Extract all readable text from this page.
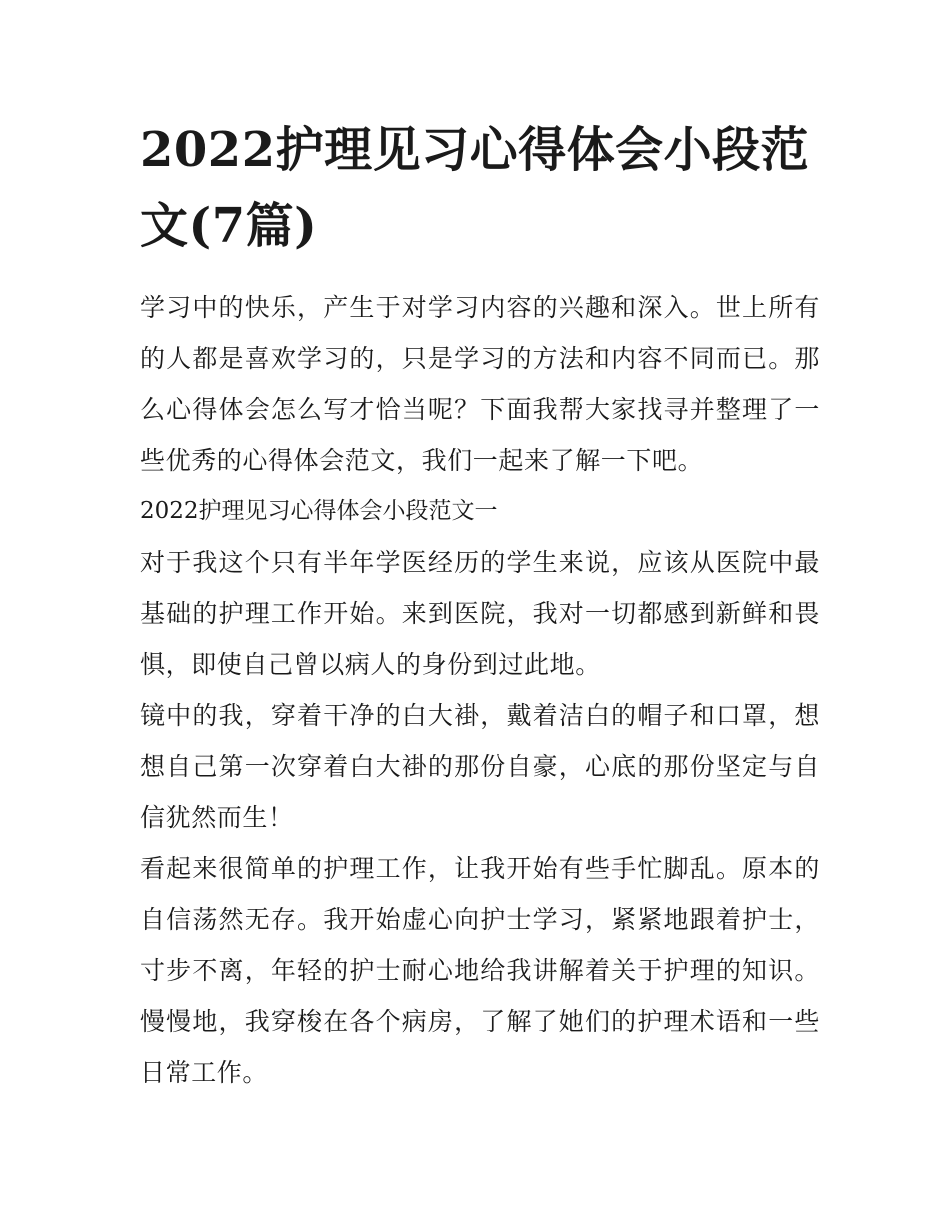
2022护理见习心得体会小段范文(7篇)

学习中的快乐，产生于对学习内容的兴趣和深入。世上所有的人都是喜欢学习的，只是学习的方法和内容不同而已。那么心得体会怎么写才恰当呢？下面我帮大家找寻并整理了一些优秀的心得体会范文，我们一起来了解一下吧。

2022护理见习心得体会小段范文一

对于我这个只有半年学医经历的学生来说，应该从医院中最基础的护理工作开始。来到医院，我对一切都感到新鲜和畏惧，即使自己曾以病人的身份到过此地。

镜中的我，穿着干净的白大褂，戴着洁白的帽子和口罩，想想自己第一次穿着白大褂的那份自豪，心底的那份坚定与自信犹然而生！

看起来很简单的护理工作，让我开始有些手忙脚乱。原本的自信荡然无存。我开始虚心向护士学习，紧紧地跟着护士，寸步不离，年轻的护士耐心地给我讲解着关于护理的知识。慢慢地，我穿梭在各个病房，了解了她们的护理术语和一些日常工作。
